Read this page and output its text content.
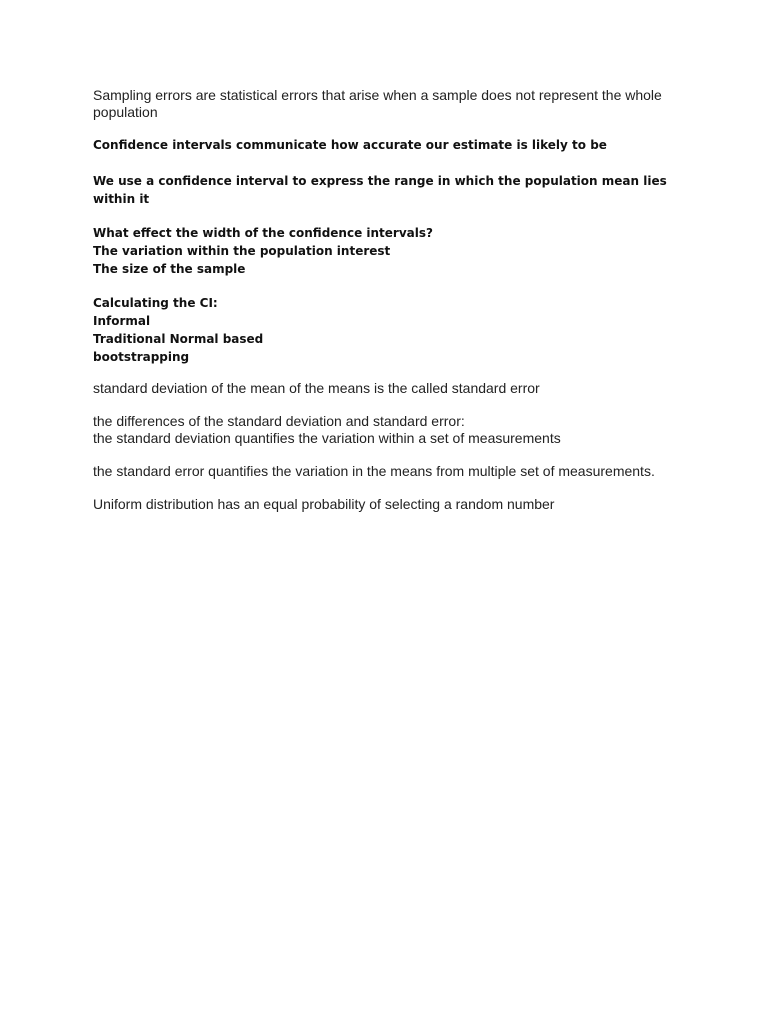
Sampling errors are statistical errors that arise when a sample does not represent the whole population

Confidence intervals communicate how accurate our estimate is likely to be

We use a confidence interval to express the range in which the population mean lies within it

What effect the width of the confidence intervals?
The variation within the population interest
The size of the sample
Calculating the CI:
Informal
Traditional Normal based
bootstrapping

standard deviation of the mean of the means is the called standard error

the differences of the standard deviation and standard error:
the standard deviation quantifies the variation within a set of measurements

the standard error quantifies the variation in the means from multiple set of measurements.

Uniform distribution has an equal probability of selecting a random number
